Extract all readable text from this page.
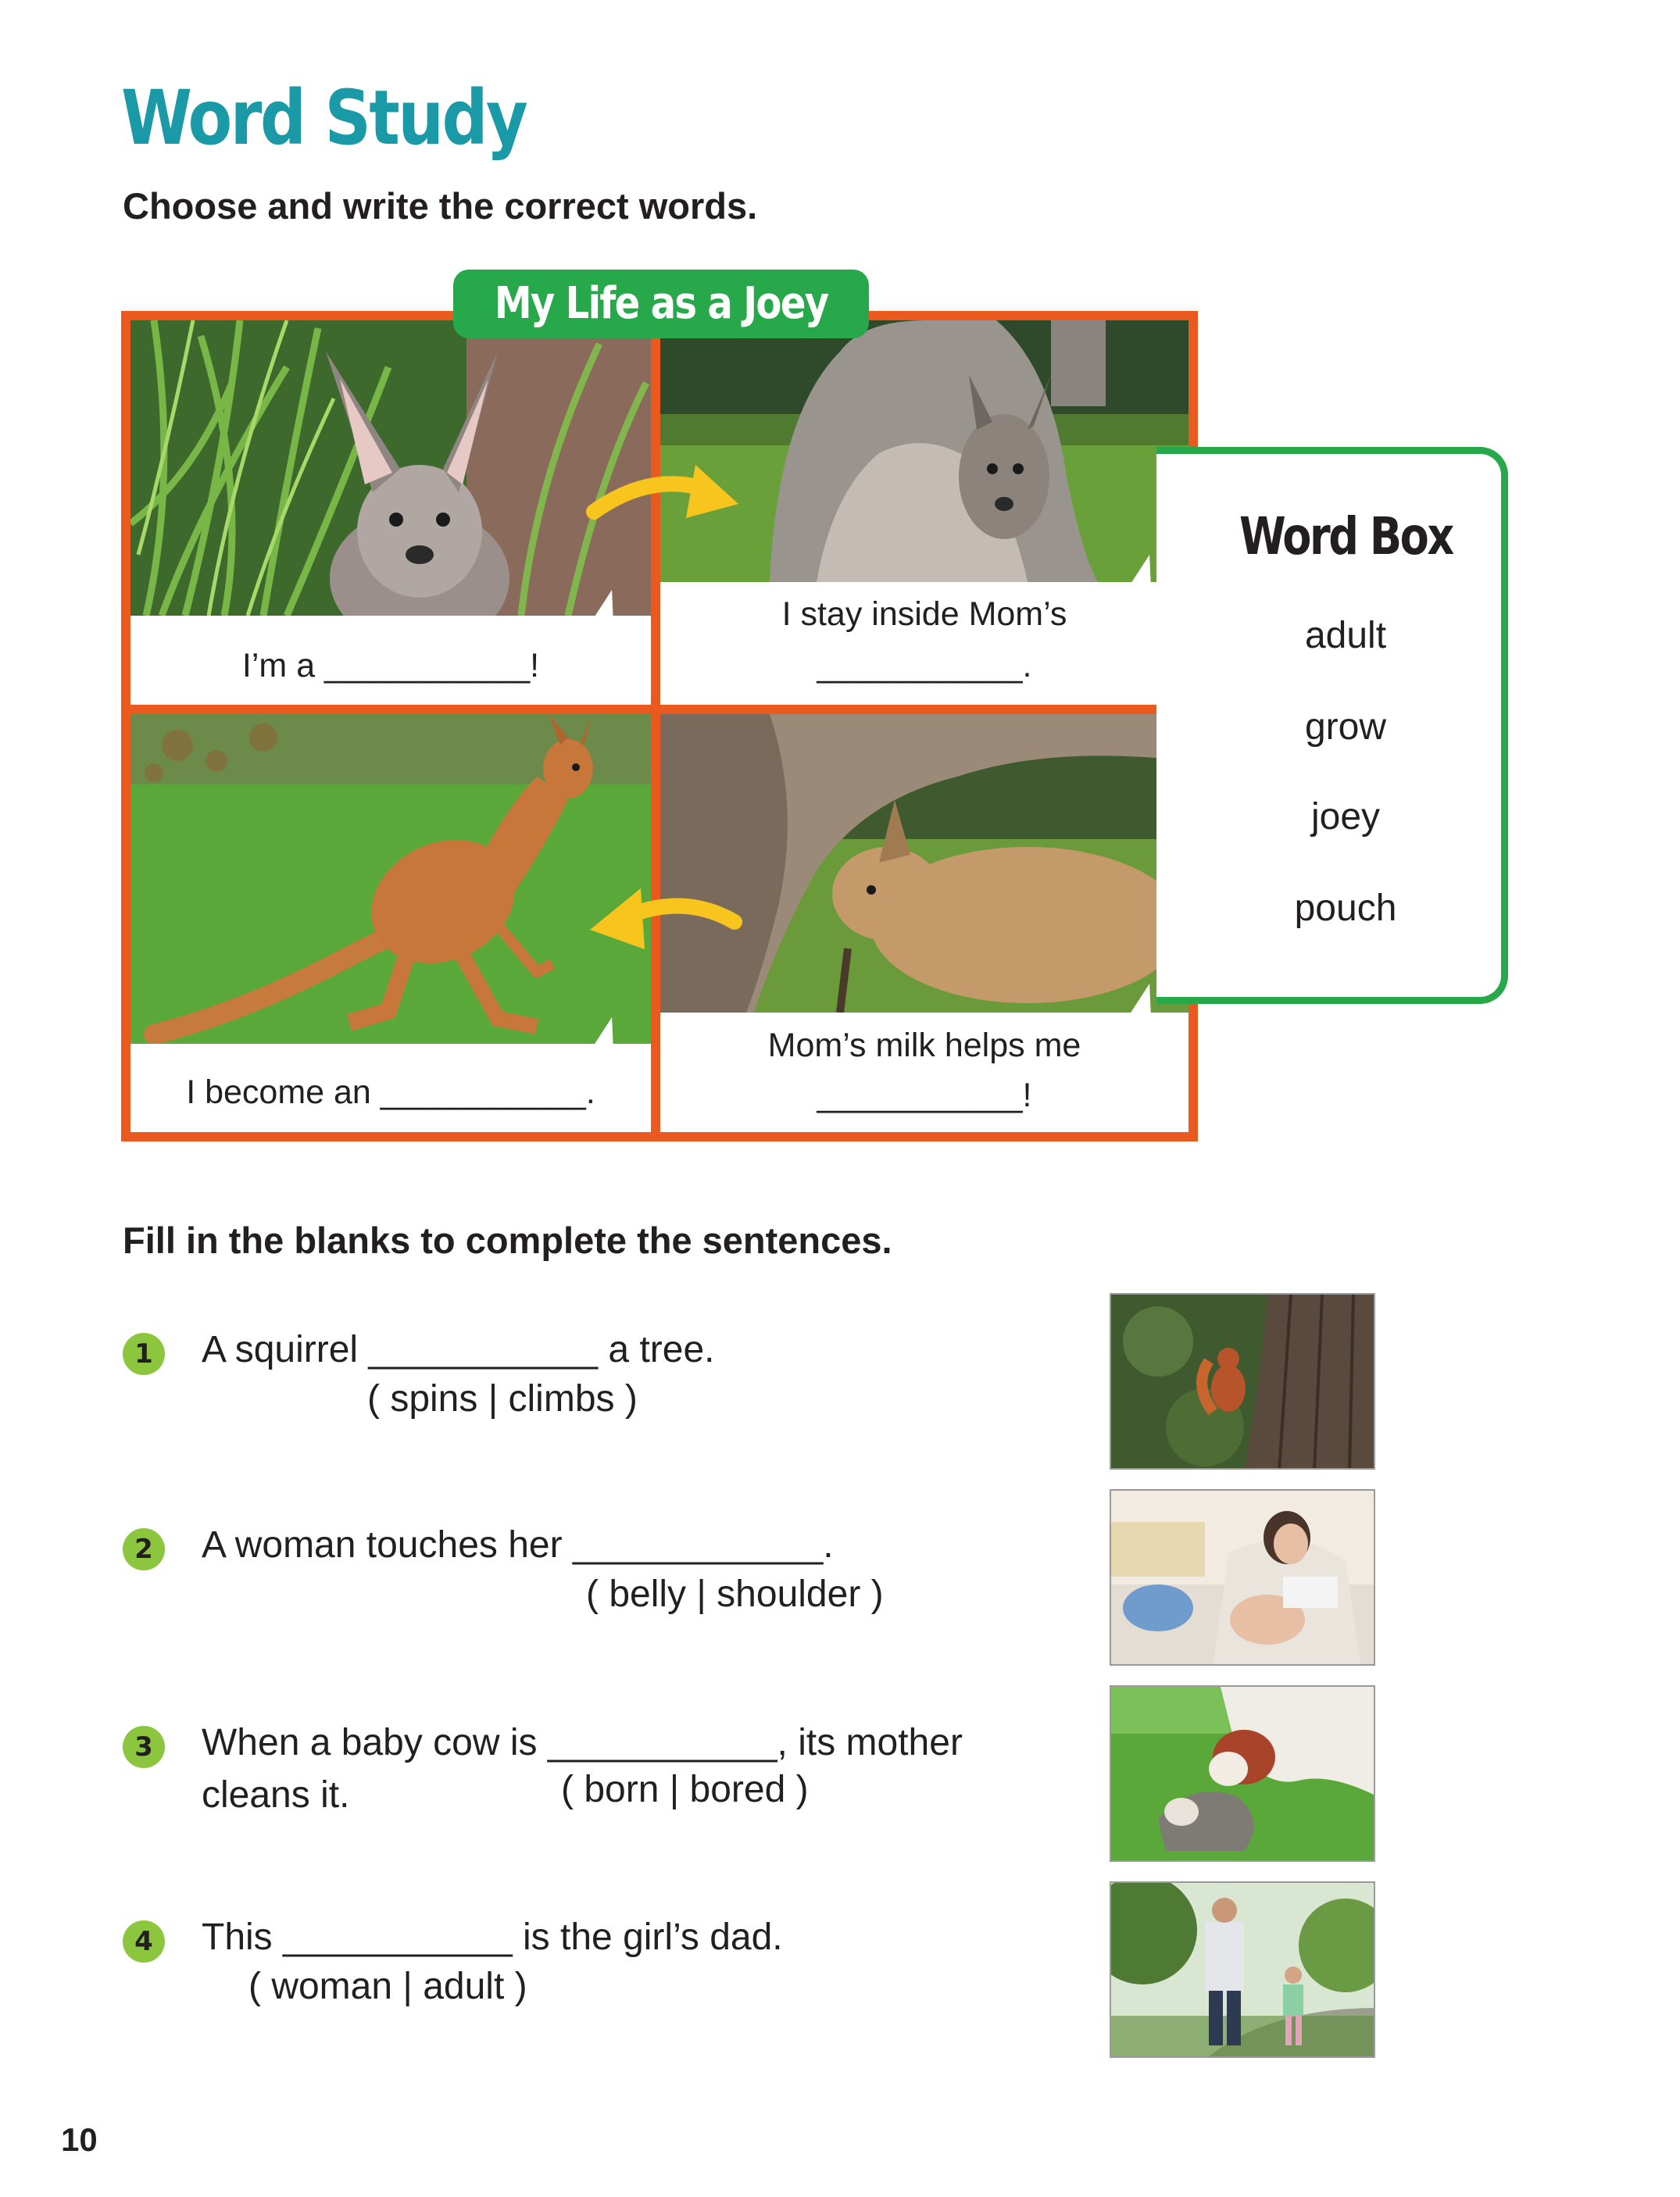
Word Study
Choose and write the correct words.
I’m a ___________!
I stay inside Mom’s
___________.
I become an ___________.
Mom’s milk helps me
___________!
My Life as a Joey
Word Box
adult
grow
joey
pouch
Fill in the blanks to complete the sentences.
1	A squirrel ___________ a tree.
( spins | climbs )
2	A woman touches her ____________.
( belly | shoulder )
3	When a baby cow is ___________, its mother
cleans it.	( born | bored )
4	This ___________ is the girl’s dad.
( woman | adult )
10
